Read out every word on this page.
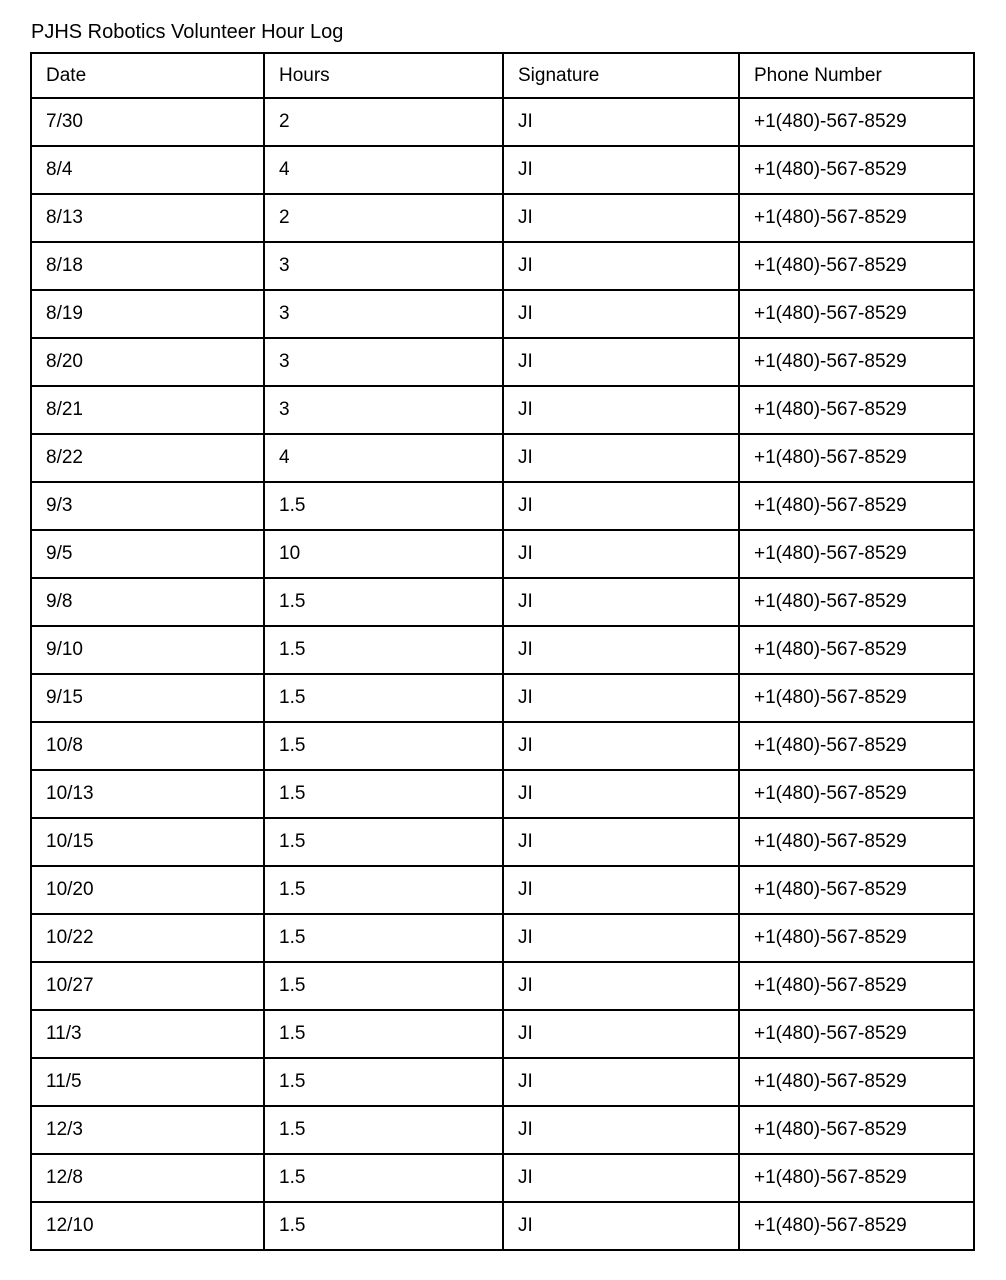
PJHS Robotics Volunteer Hour Log
Date	Hours	Signature	Phone Number
7/30	2	JI	+1(480)-567-8529
8/4	4	JI	+1(480)-567-8529
8/13	2	JI	+1(480)-567-8529
8/18	3	JI	+1(480)-567-8529
8/19	3	JI	+1(480)-567-8529
8/20	3	JI	+1(480)-567-8529
8/21	3	JI	+1(480)-567-8529
8/22	4	JI	+1(480)-567-8529
9/3	1.5	JI	+1(480)-567-8529
9/5	10	JI	+1(480)-567-8529
9/8	1.5	JI	+1(480)-567-8529
9/10	1.5	JI	+1(480)-567-8529
9/15	1.5	JI	+1(480)-567-8529
10/8	1.5	JI	+1(480)-567-8529
10/13	1.5	JI	+1(480)-567-8529
10/15	1.5	JI	+1(480)-567-8529
10/20	1.5	JI	+1(480)-567-8529
10/22	1.5	JI	+1(480)-567-8529
10/27	1.5	JI	+1(480)-567-8529
11/3	1.5	JI	+1(480)-567-8529
11/5	1.5	JI	+1(480)-567-8529
12/3	1.5	JI	+1(480)-567-8529
12/8	1.5	JI	+1(480)-567-8529
12/10	1.5	JI	+1(480)-567-8529
